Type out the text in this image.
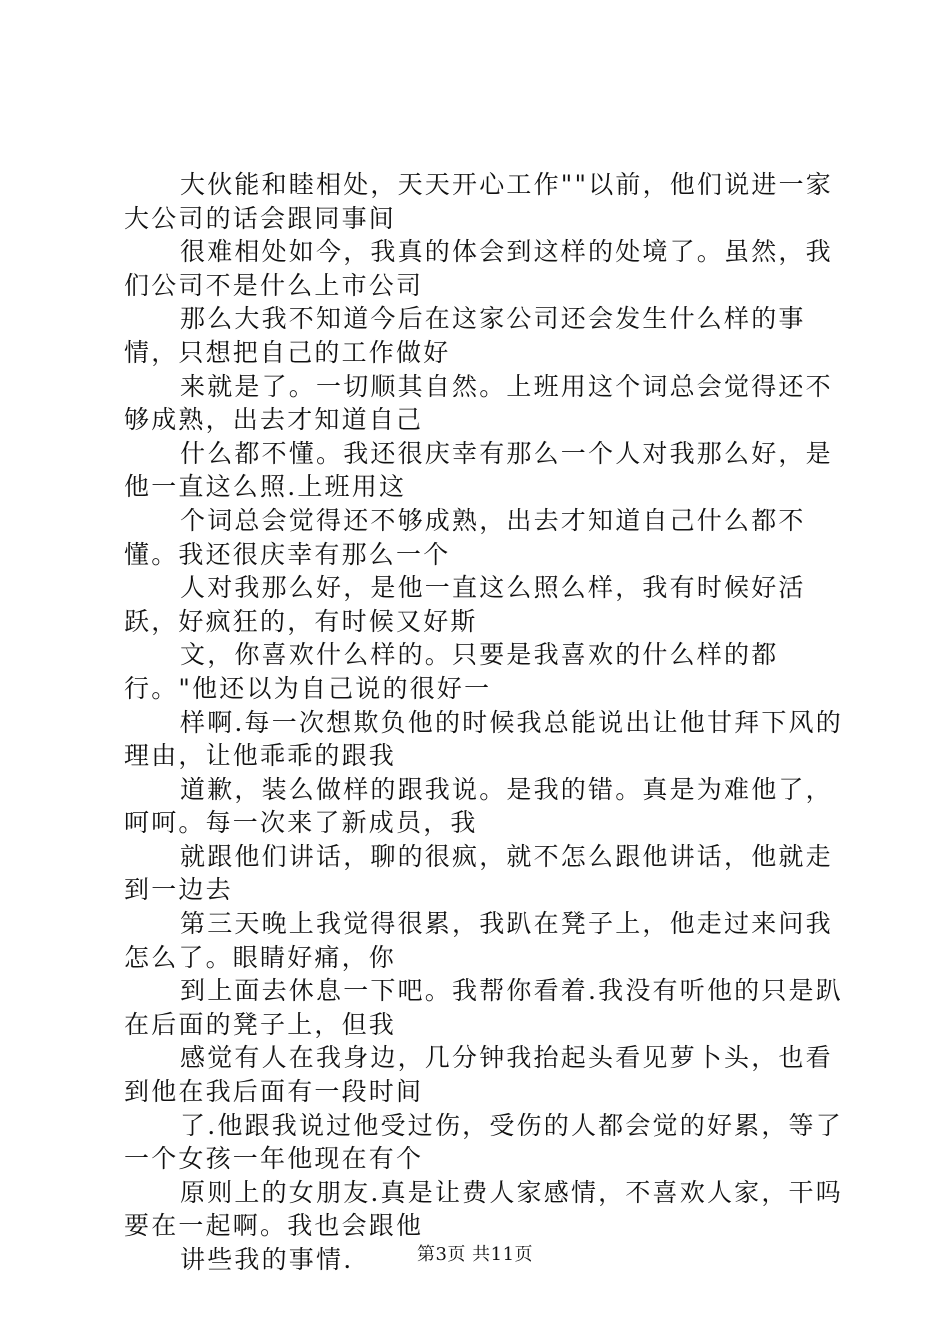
大伙能和睦相处，天天开心工作""以前，他们说进一家大公司的话会跟同事间

很难相处如今，我真的体会到这样的处境了。虽然，我们公司不是什么上市公司

那么大我不知道今后在这家公司还会发生什么样的事情，只想把自己的工作做好

来就是了。一切顺其自然。上班用这个词总会觉得还不够成熟，出去才知道自己

什么都不懂。我还很庆幸有那么一个人对我那么好，是他一直这么照.上班用这

个词总会觉得还不够成熟，出去才知道自己什么都不懂。我还很庆幸有那么一个

人对我那么好，是他一直这么照么样，我有时候好活跃，好疯狂的，有时候又好斯

文，你喜欢什么样的。只要是我喜欢的什么样的都行。"他还以为自己说的很好一

样啊.每一次想欺负他的时候我总能说出让他甘拜下风的理由，让他乖乖的跟我

道歉，装么做样的跟我说。是我的错。真是为难他了，呵呵。每一次来了新成员，我

就跟他们讲话，聊的很疯，就不怎么跟他讲话，他就走到一边去

第三天晚上我觉得很累，我趴在凳子上，他走过来问我怎么了。眼睛好痛，你

到上面去休息一下吧。我帮你看着.我没有听他的只是趴在后面的凳子上，但我

感觉有人在我身边，几分钟我抬起头看见萝卜头，也看到他在我后面有一段时间

了.他跟我说过他受过伤，受伤的人都会觉的好累，等了一个女孩一年他现在有个

原则上的女朋友.真是让费人家感情，不喜欢人家，干吗要在一起啊。我也会跟他

讲些我的事情.	第3页 共11页
